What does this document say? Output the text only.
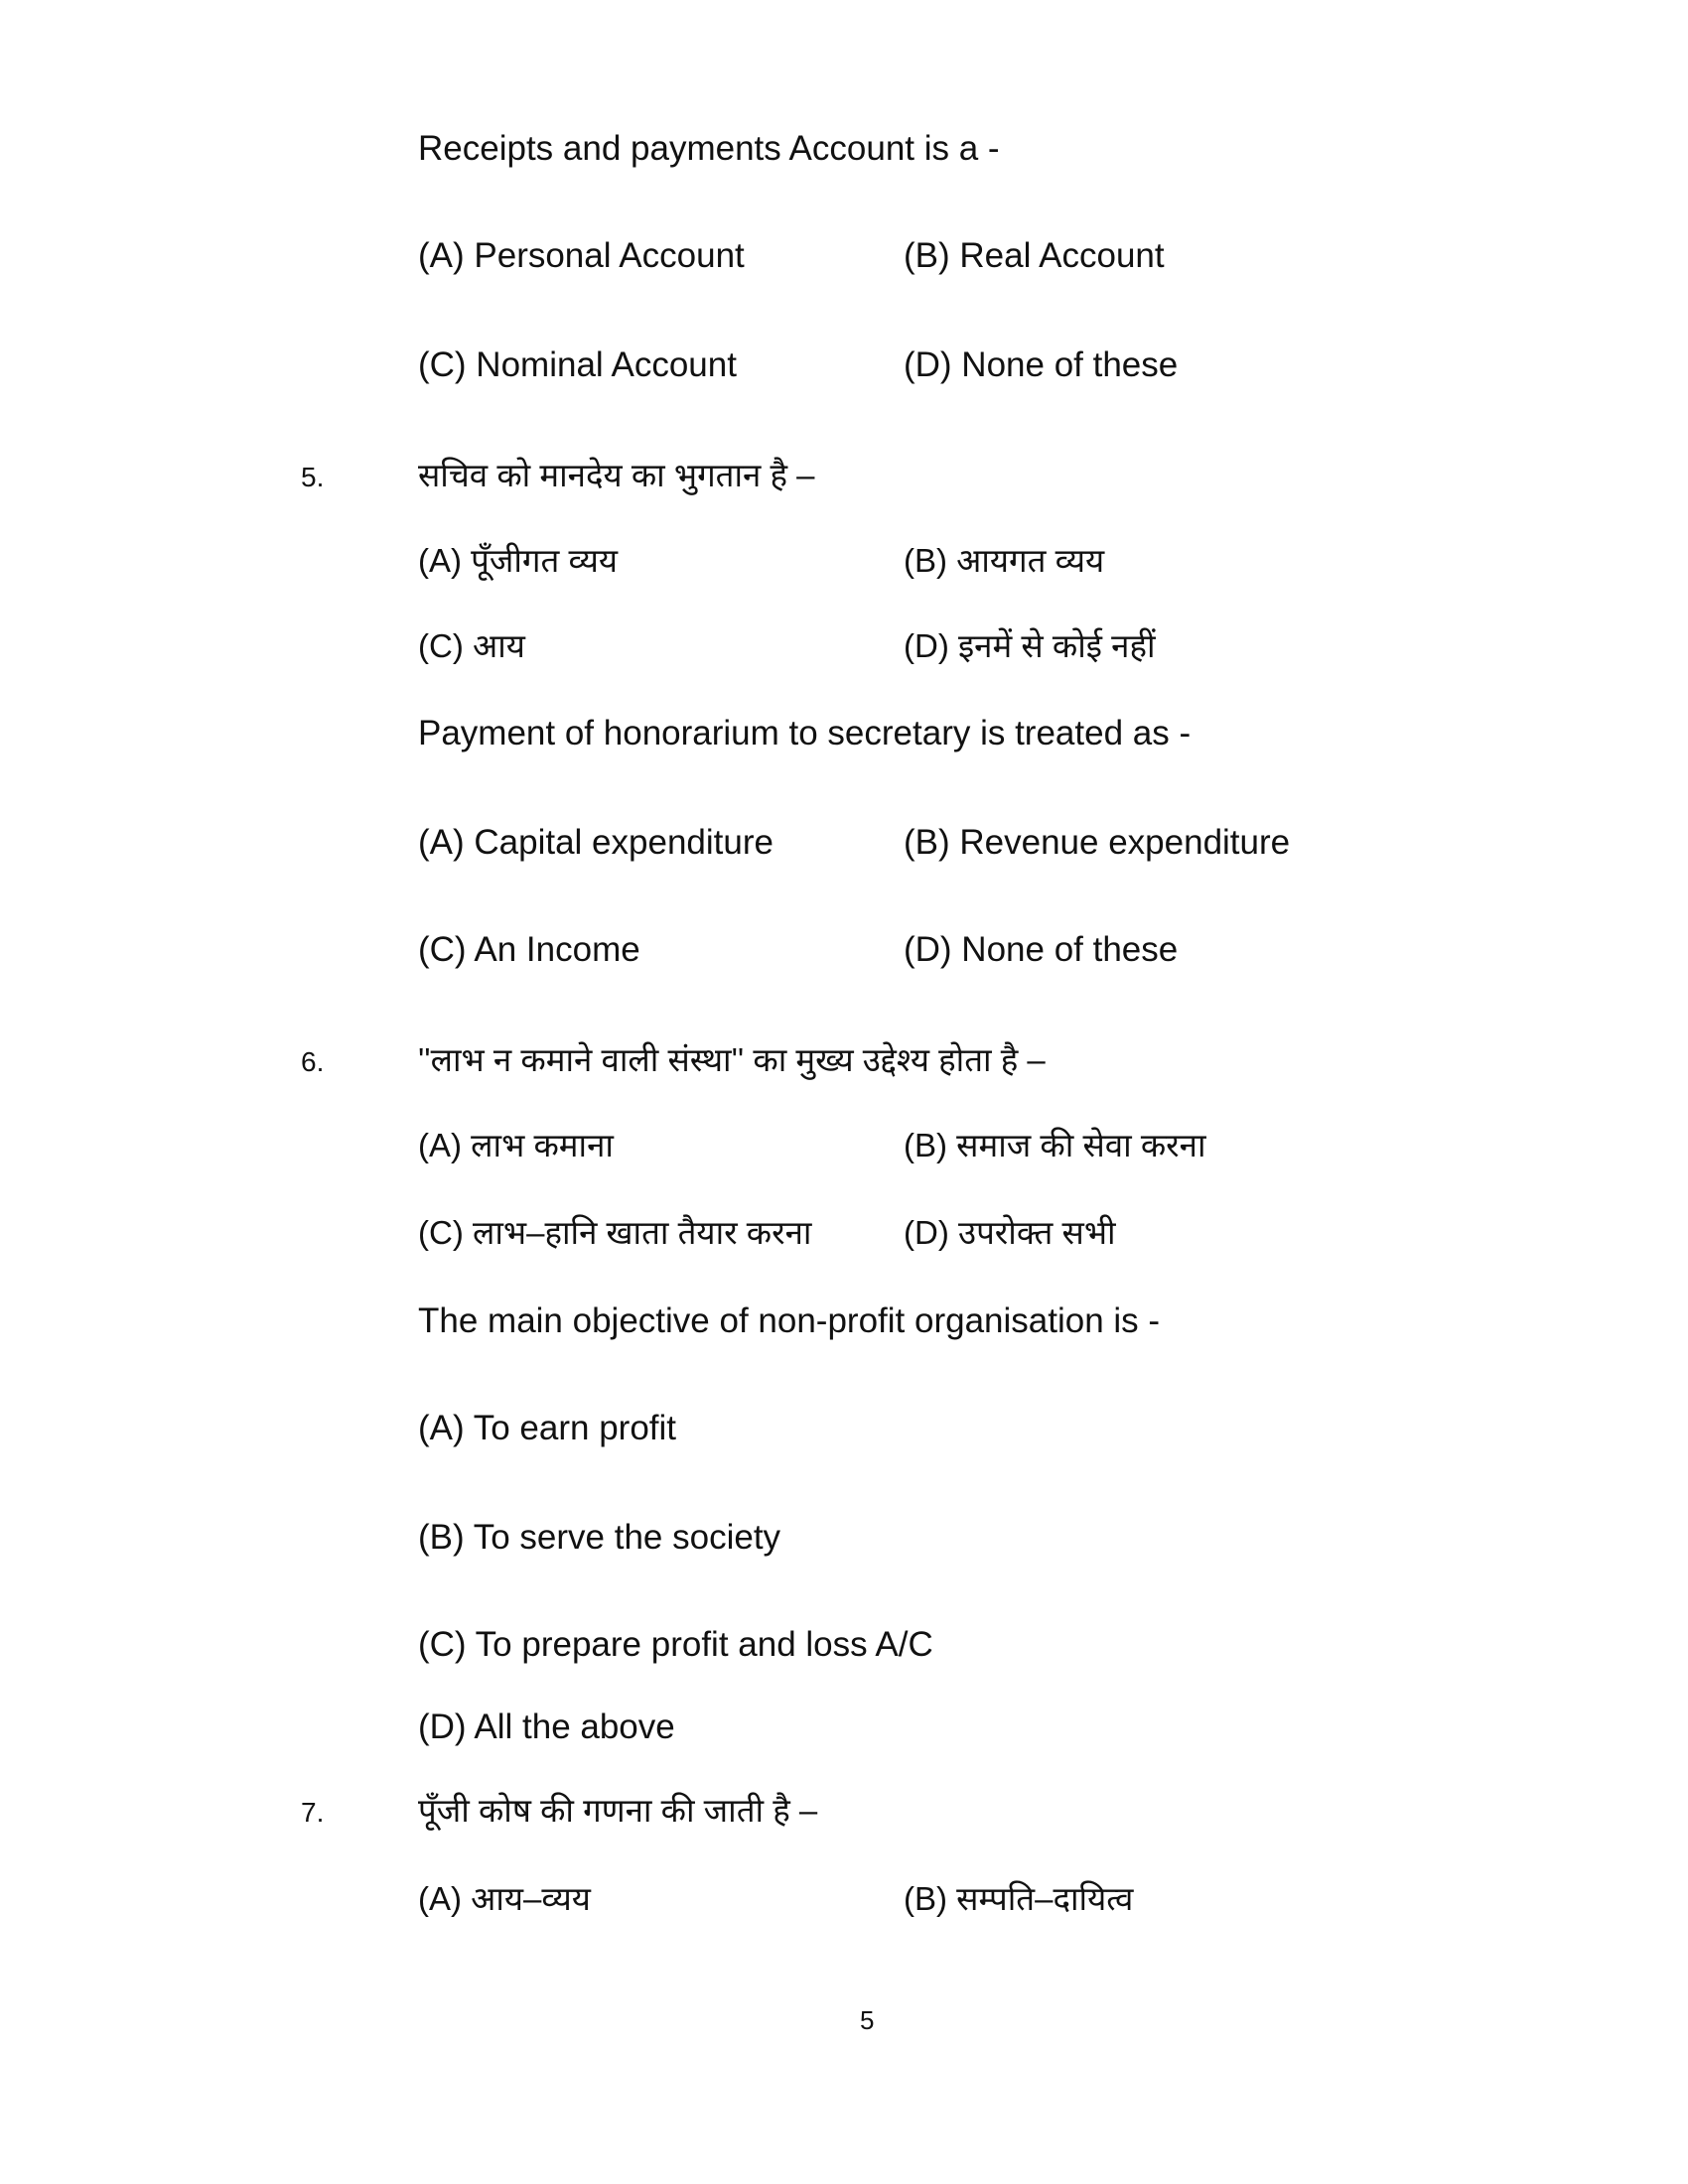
Receipts and payments Account is a -
(A) Personal Account	(B) Real Account
(C) Nominal Account	(D) None of these
5.	सचिव को मानदेय का भुगतान है –
(A) पूँजीगत व्यय	(B) आयगत व्यय
(C) आय	(D) इनमें से कोई नहीं
Payment of honorarium to secretary is treated as -
(A) Capital expenditure	(B) Revenue expenditure
(C) An Income	(D) None of these
6.	''लाभ न कमाने वाली संस्था'' का मुख्य उद्देश्य होता है –
(A) लाभ कमाना	(B) समाज की सेवा करना
(C) लाभ–हानि खाता तैयार करना	(D) उपरोक्त सभी
The main objective of non-profit organisation is -
(A) To earn profit
(B) To serve the society
(C) To prepare profit and loss A/C
(D) All the above
7.	पूँजी कोष की गणना की जाती है –
(A) आय–व्यय	(B) सम्पति–दायित्व
5
